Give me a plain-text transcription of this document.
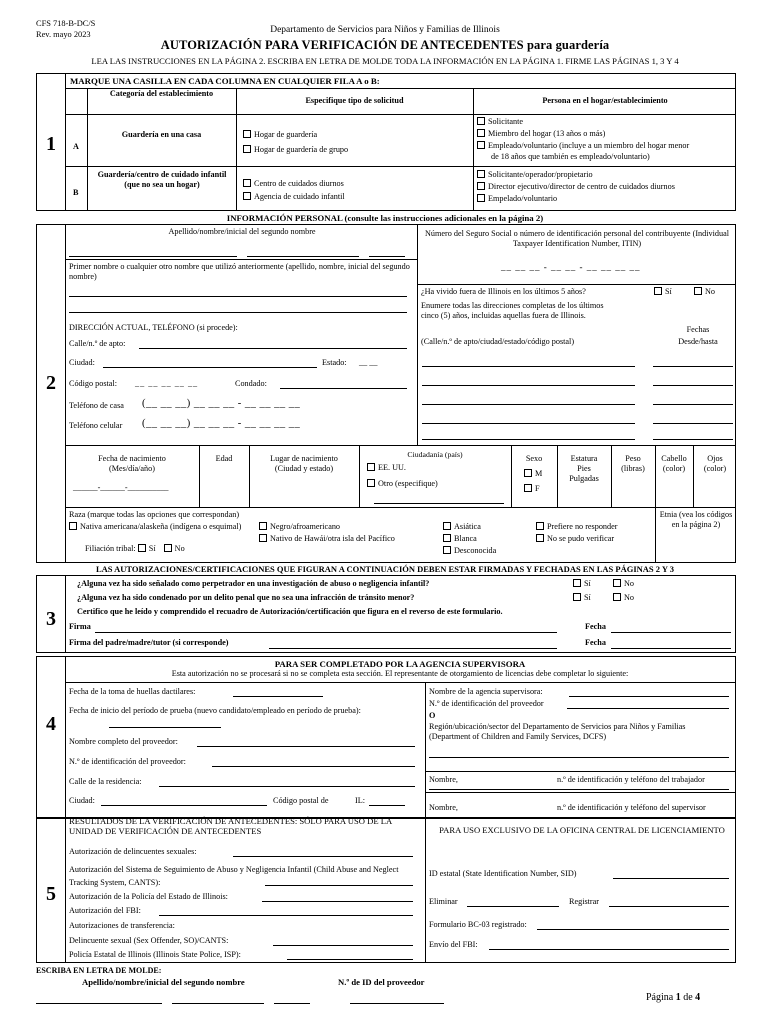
CFS 718-B-DC/S
Rev. mayo 2023	Departamento de Servicios para Niños y Familias de Illinois
AUTORIZACIÓN PARA VERIFICACIÓN DE ANTECEDENTES para guardería
LEA LAS INSTRUCCIONES EN LA PÁGINA 2. ESCRIBA EN LETRA DE MOLDE TODA LA INFORMACIÓN EN LA PÁGINA 1. FIRME LAS PÁGINAS 1, 3 Y 4
1
MARQUE UNA CASILLA EN CADA COLUMNA EN CUALQUIER FILA A o B:
Categoría del establecimiento
Especifique tipo de solicitud	Persona en el hogar/establecimiento
A
Guardería en una casa	Hogar de guardería
Hogar de guardería de grupo
Solicitante
Miembro del hogar (13 años o más)
Empleado/voluntario (incluye a un miembro del hogar menor
de 18 años que también es empleado/voluntario)
B
Guardería/centro de cuidado infantil (que no sea un hogar)	Centro de cuidados diurnos
Agencia de cuidado infantil
Solicitante/operador/propietario
Director ejecutivo/director de centro de cuidados diurnos
Empelado/voluntario
INFORMACIÓN PERSONAL (consulte las instrucciones adicionales en la página 2)
2
Apellido/nombre/inicial del segundo nombre	Número del Seguro Social o número de identificación personal del contribuyente (Individual Taxpayer Identification Number, ITIN)
__ __ __ - __ __ - __ __ __ __
Primer nombre o cualquier otro nombre que utilizó anteriormente (apellido, nombre, inicial del segundo nombre)
¿Ha vivido fuera de Illinois en los últimos 5 años?	Sí	No
Enumere todas las direcciones completas de los últimos cinco (5) años, incluidas aquellas fuera de Illinois.
(Calle/n.º de apto/ciudad/estado/código postal)
Fechas
Desde/hasta
DIRECCIÓN ACTUAL, TELÉFONO (si procede):
Calle/n.º de apto:
Ciudad:	Estado: __ __
Código postal: __ __ __ __ __	Condado:
Teléfono de casa (__ __ __) __ __ __ - __ __ __ __
Teléfono celular (__ __ __) __ __ __ - __ __ __ __
Fecha de nacimiento
(Mes/día/año)
______-______-__________
Edad	Lugar de nacimiento
(Ciudad y estado)
Ciudadanía (país)
EE. UU.
Otro (especifique)
Sexo
M
F
Estatura
Pies Pulgadas
Peso
(libras)
Cabello
(color)
Ojos
(color)
Raza (marque todas las opciones que correspondan)
Nativa americana/alaskeña (indígena o esquimal)
Filiación tribal: Sí No
Negro/afroamericano
Nativo de Hawái/otra isla del Pacífico
Asiática
Blanca
Desconocida
Prefiere no responder
No se pudo verificar
Etnia (vea los códigos en la página 2)
LAS AUTORIZACIONES/CERTIFICACIONES QUE FIGURAN A CONTINUACIÓN DEBEN ESTAR FIRMADAS Y FECHADAS EN LAS PÁGINAS 2 Y 3
3
¿Alguna vez ha sido señalado como perpetrador en una investigación de abuso o negligencia infantil?	Sí	No
¿Alguna vez ha sido condenado por un delito penal que no sea una infracción de tránsito menor?	Sí	No
Certifico que he leído y comprendido el recuadro de Autorización/certificación que figura en el reverso de este formulario.
Firma	Fecha
Firma del padre/madre/tutor (si corresponde)	Fecha
4
PARA SER COMPLETADO POR LA AGENCIA SUPERVISORA
Esta autorización no se procesará si no se completa esta sección. El representante de otorgamiento de licencias debe completar lo siguiente:
Fecha de la toma de huellas dactilares:
Fecha de inicio del período de prueba (nuevo candidato/empleado en período de prueba):
Nombre completo del proveedor:
N.º de identificación del proveedor:
Calle de la residencia:
Ciudad:	Código postal de	IL:
Nombre de la agencia supervisora:
N.º de identificación del proveedor
O
Región/ubicación/sector del Departamento de Servicios para Niños y Familias (Department of Children and Family Services, DCFS)
Nombre,	n.º de identificación y teléfono del trabajador
Nombre,	n.º de identificación y teléfono del supervisor
5
RESULTADOS DE LA VERIFICACIÓN DE ANTECEDENTES: SÓLO PARA USO DE LA UNIDAD DE VERIFICACIÓN DE ANTECEDENTES
Autorización de delincuentes sexuales:
Autorización del Sistema de Seguimiento de Abuso y Negligencia Infantil (Child Abuse and Neglect Tracking System, CANTS):
Autorización de la Policía del Estado de Illinois:
Autorización del FBI:
Autorizaciones de transferencia:
Delincuente sexual (Sex Offender, SO)/CANTS:
Policía Estatal de Illinois (Illinois State Police, ISP):
PARA USO EXCLUSIVO DE LA OFICINA CENTRAL DE LICENCIAMIENTO
ID estatal (State Identification Number, SID)
Eliminar	Registrar
Formulario BC-03 registrado:
Envío del FBI:
ESCRIBA EN LETRA DE MOLDE:
Apellido/nombre/inicial del segundo nombre	N.º de ID del proveedor
Página 1 de 4
